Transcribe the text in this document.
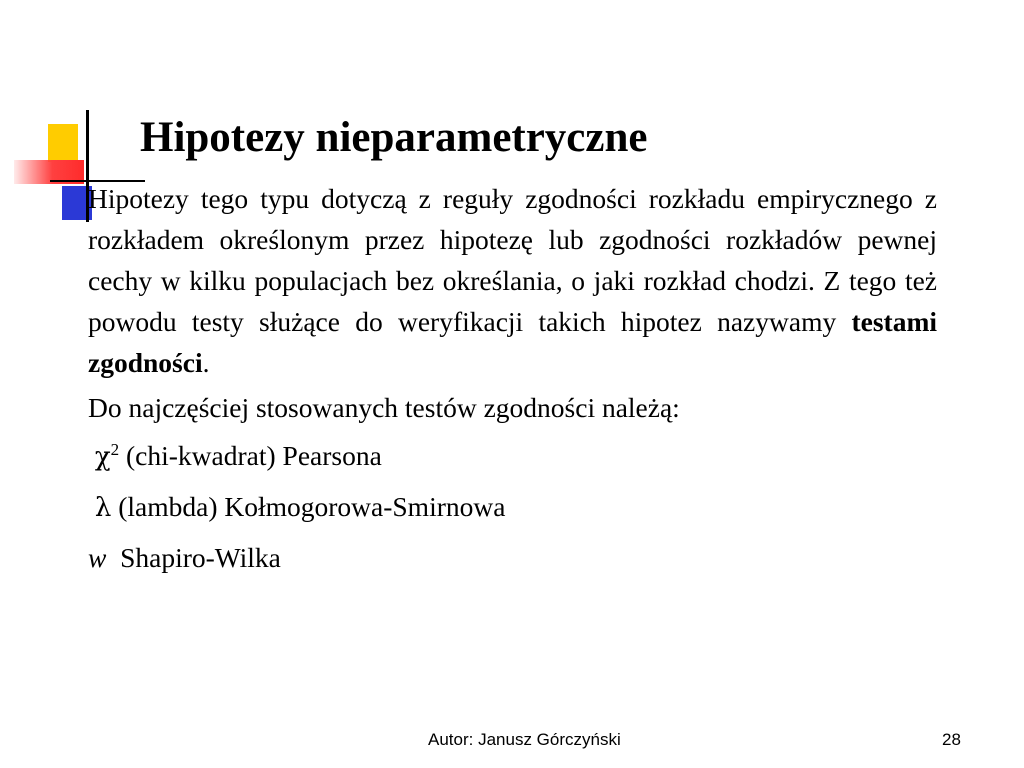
Hipotezy nieparametryczne

Hipotezy tego typu dotyczą z reguły zgodności rozkładu empirycznego z rozkładem określonym przez hipotezę lub zgodności rozkładów pewnej cechy w kilku populacjach bez określania, o jaki rozkład chodzi. Z tego też powodu testy służące do weryfikacji takich hipotez nazywamy testami zgodności.

Do najczęściej stosowanych testów zgodności należą:

$\chi^2$ (chi-kwadrat) Pearsona

λ (lambda) Kołmogorowa-Smirnowa

w Shapiro-Wilka

Autor: Janusz Górczyński	28
